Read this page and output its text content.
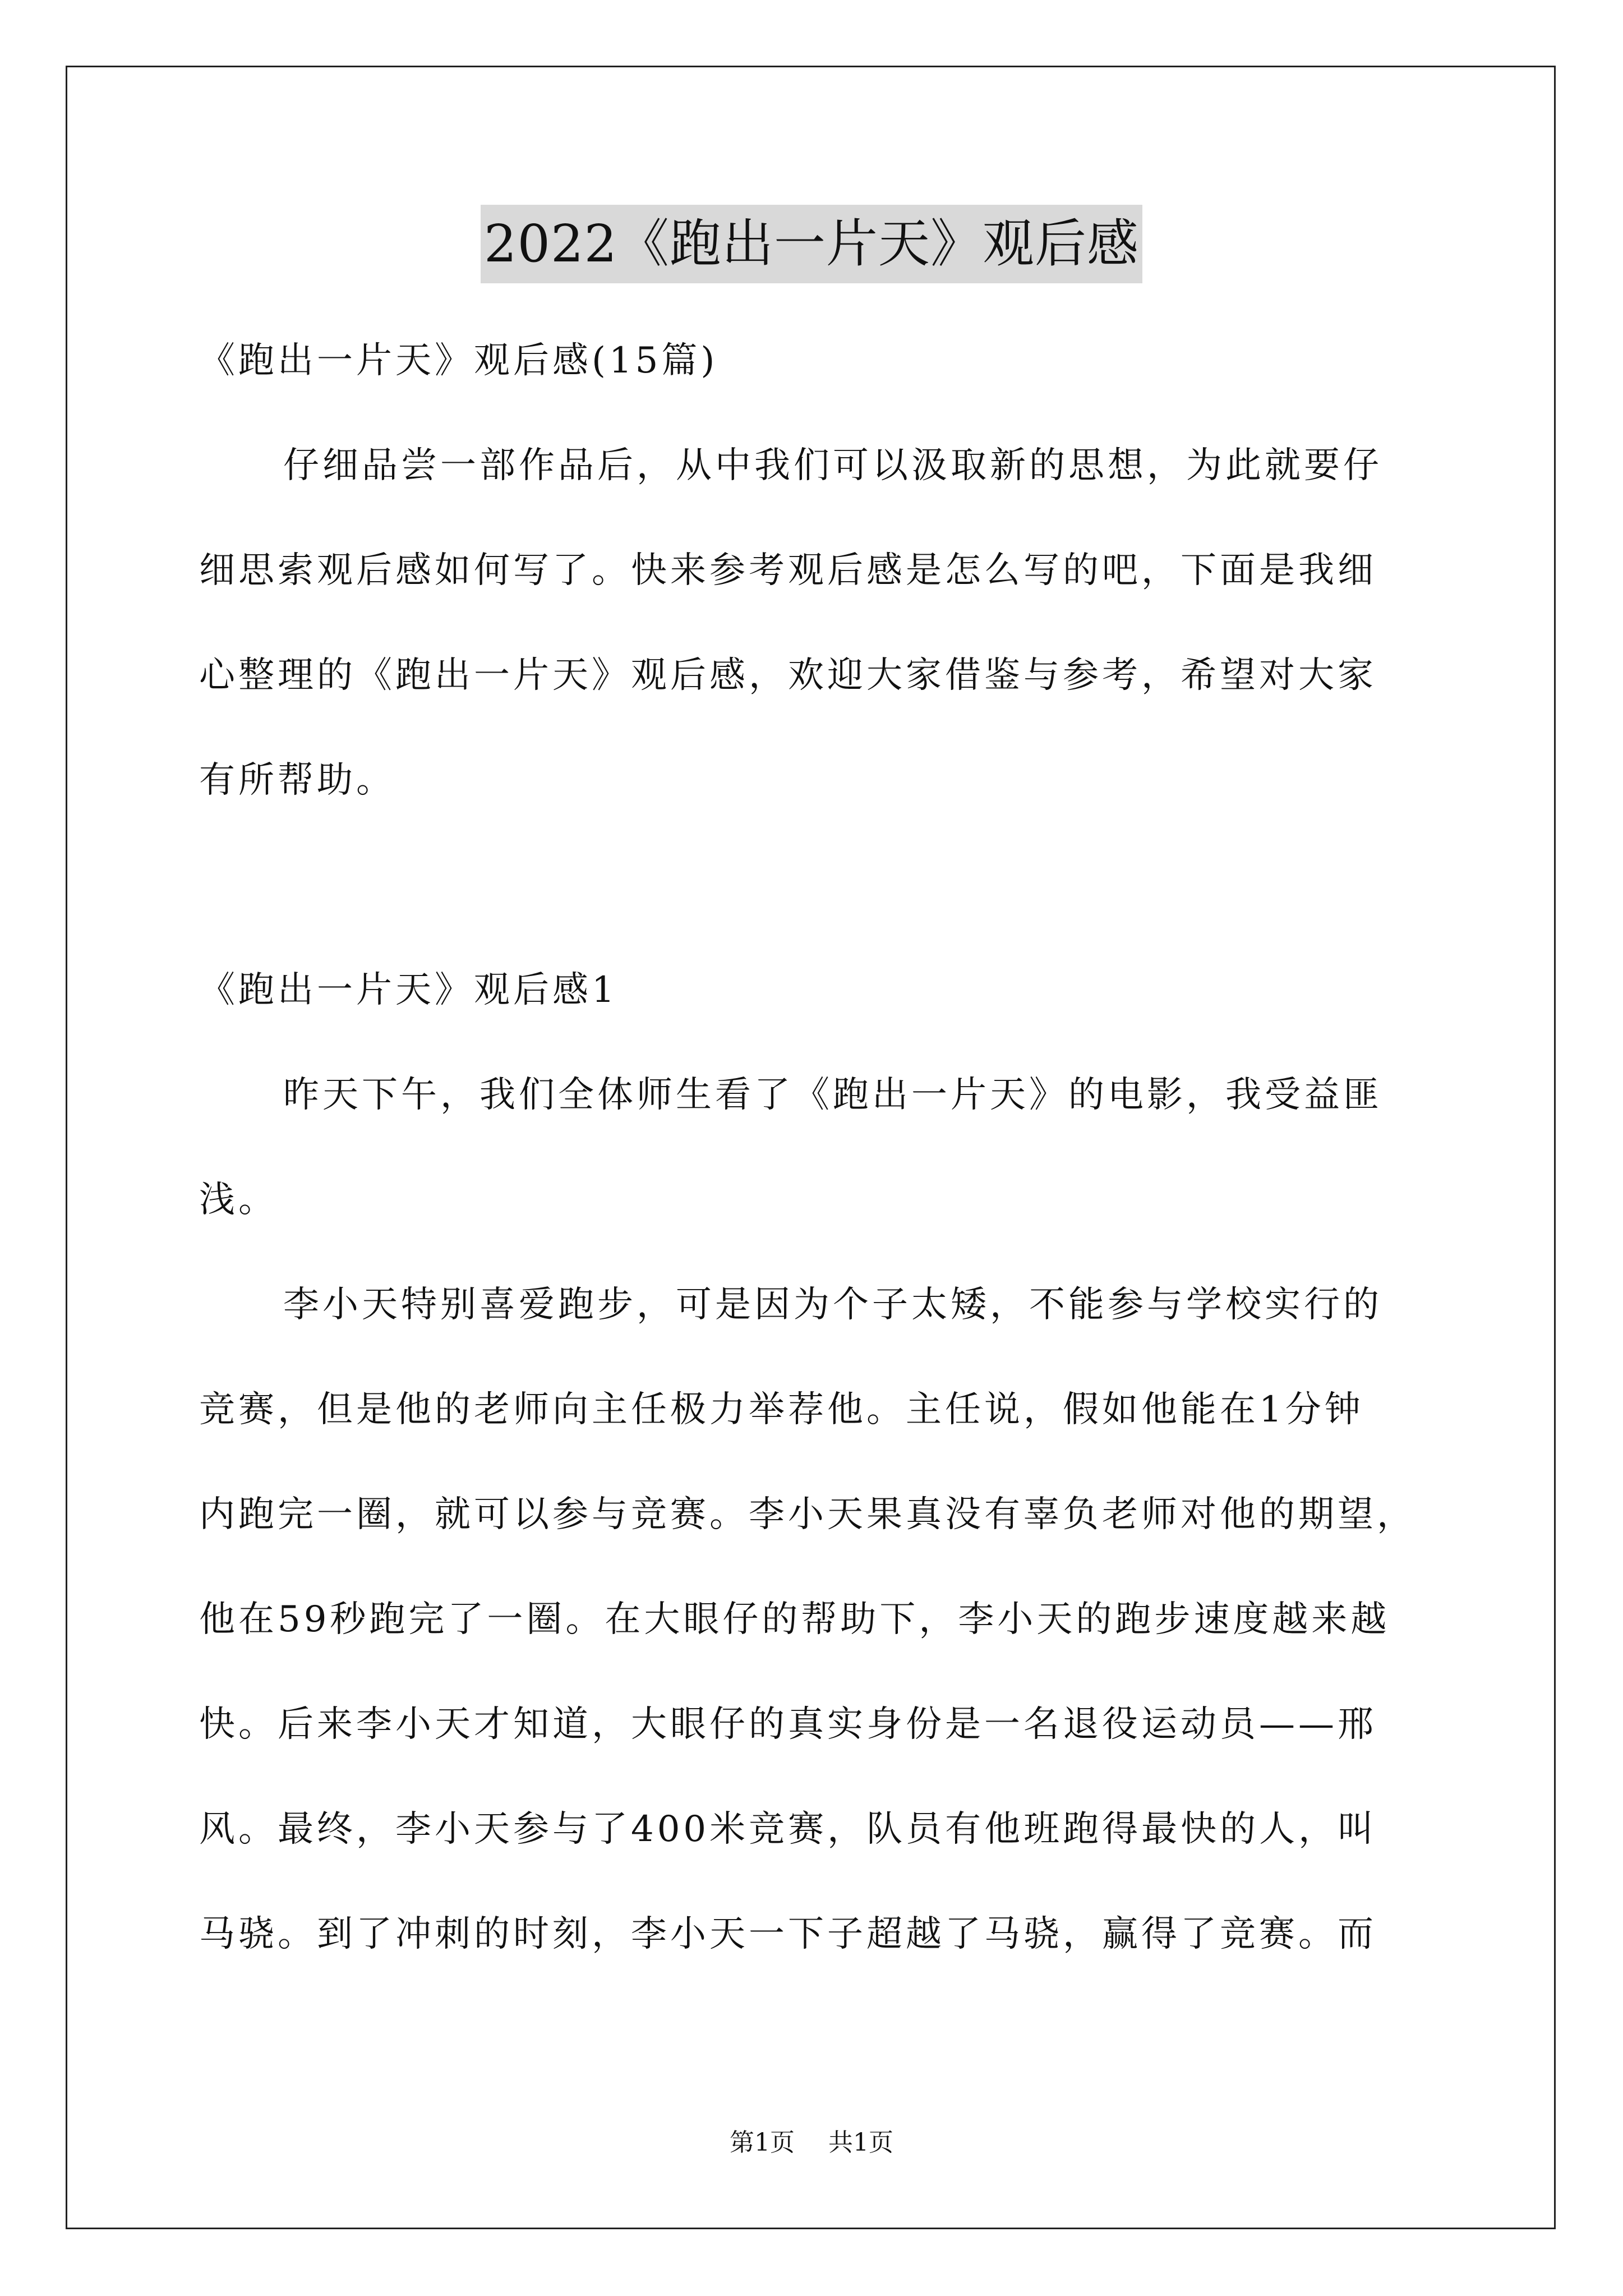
2022《跑出一片天》观后感
《跑出一片天》观后感(15篇)
仔细品尝一部作品后，从中我们可以汲取新的思想，为此就要仔
细思索观后感如何写了。快来参考观后感是怎么写的吧，下面是我细
心整理的《跑出一片天》观后感，欢迎大家借鉴与参考，希望对大家
有所帮助。
《跑出一片天》观后感1
昨天下午，我们全体师生看了《跑出一片天》的电影，我受益匪
浅。
李小天特别喜爱跑步，可是因为个子太矮，不能参与学校实行的
竞赛，但是他的老师向主任极力举荐他。主任说，假如他能在1分钟
内跑完一圈，就可以参与竞赛。李小天果真没有辜负老师对他的期望，
他在59秒跑完了一圈。在大眼仔的帮助下，李小天的跑步速度越来越
快。后来李小天才知道，大眼仔的真实身份是一名退役运动员——邢
风。最终，李小天参与了400米竞赛，队员有他班跑得最快的人，叫
马骁。到了冲刺的时刻，李小天一下子超越了马骁，赢得了竞赛。而
第1页 共1页
